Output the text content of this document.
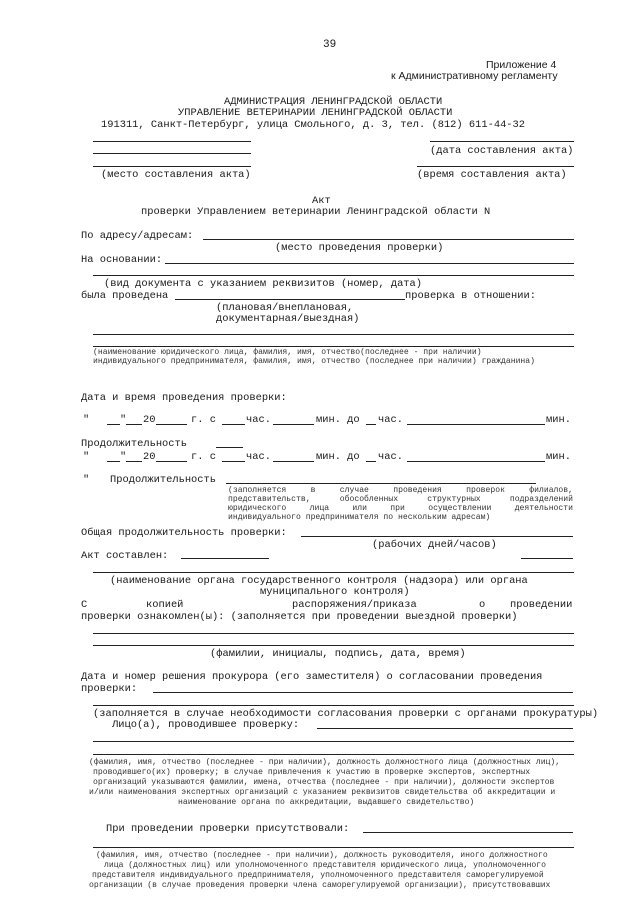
39
Приложение 4
к Административному регламенту
АДМИНИСТРАЦИЯ ЛЕНИНГРАДСКОЙ ОБЛАСТИ
УПРАВЛЕНИЕ ВЕТЕРИНАРИИ ЛЕНИНГРАДСКОЙ ОБЛАСТИ
191311, Санкт-Петербург, улица Смольного, д. 3, тел. (812) 611-44-32
(место составления акта)
(дата составления акта)
(время составления акта)
Акт
проверки Управлением ветеринарии Ленинградской области N
По адресу/адресам:
(место проведения проверки)
На основании:
(вид документа с указанием реквизитов (номер, дата)
была проведена	проверка в отношении:
(плановая/внеплановая,
документарная/выездная)
(наименование юридического лица, фамилия, имя, отчество(последнее - при наличии)
индивидуального предпринимателя, фамилия, имя, отчество (последнее при наличии) гражданина)
Дата и время проведения проверки:
"	" 20	г. с	час.	мин. до час.	мин.
Продолжительность
"	" 20	г. с	час.	мин. до час.	мин.
" Продолжительность
(заполняется в случае проведения проверок филиалов,
представительств, обособленных структурных подразделений
юридического лица или при осуществлении деятельности
индивидуального предпринимателя по нескольким адресам)
Общая продолжительность проверки:
(рабочих дней/часов)
Акт составлен:
(наименование органа государственного контроля (надзора) или органа
муниципального контроля)
С	копией	распоряжения/приказа	о проведении
проверки ознакомлен(ы): (заполняется при проведении выездной проверки)
(фамилии, инициалы, подпись, дата, время)
Дата и номер решения прокурора (его заместителя) о согласовании проведения
проверки:
(заполняется в случае необходимости согласования проверки с органами прокуратуры)
Лицо(а), проводившее проверку:
(фамилия, имя, отчество (последнее - при наличии), должность должностного лица (должностных лиц),
проводившего(их) проверку; в случае привлечения к участию в проверке экспертов, экспертных
организаций указываются фамилии, имена, отчества (последнее - при наличии), должности экспертов
и/или наименования экспертных организаций с указанием реквизитов свидетельства об аккредитации и
наименование органа по аккредитации, выдавшего свидетельство)
При проведении проверки присутствовали:
(фамилия, имя, отчество (последнее - при наличии), должность руководителя, иного должностного
лица (должностных лиц) или уполномоченного представителя юридического лица, уполномоченного
представителя индивидуального предпринимателя, уполномоченного представителя саморегулируемой
организации (в случае проведения проверки члена саморегулируемой организации), присутствовавших
